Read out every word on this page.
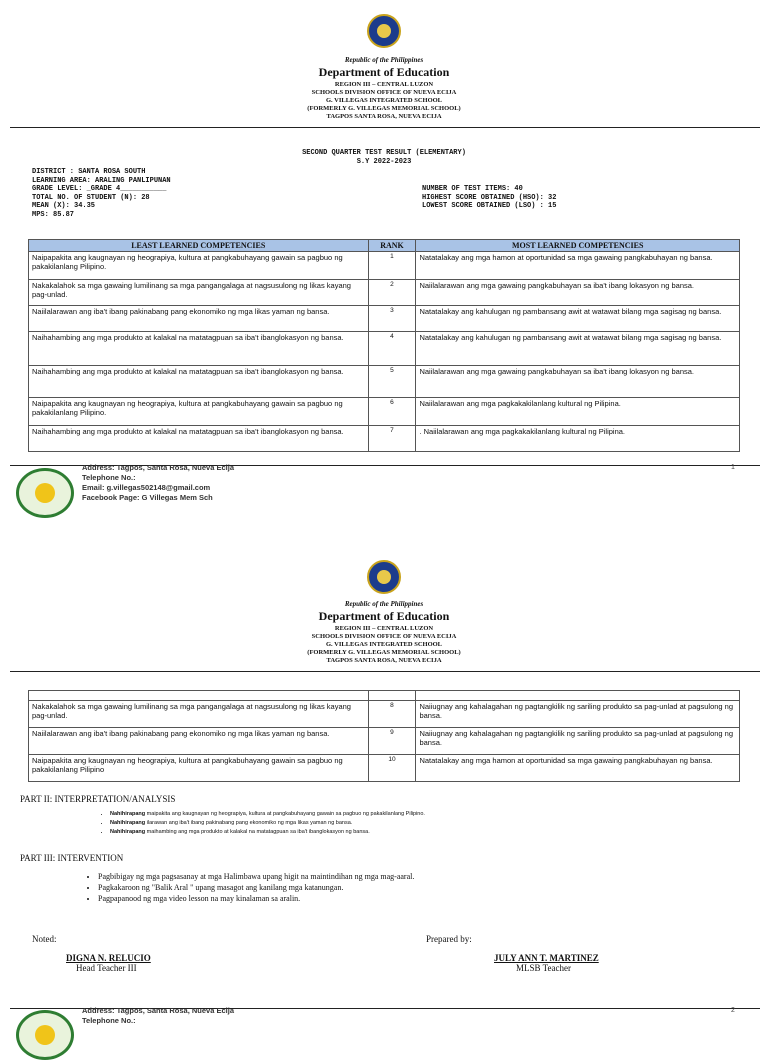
Republic of the Philippines
Department of Education
REGION III – CENTRAL LUZON
SCHOOLS DIVISION OFFICE OF NUEVA ECIJA
G. VILLEGAS INTEGRATED SCHOOL
(FORMERLY G. VILLEGAS MEMORIAL SCHOOL)
TAGPOS SANTA ROSA, NUEVA ECIJA
SECOND QUARTER TEST RESULT (ELEMENTARY)
S.Y 2022-2023
DISTRICT : SANTA ROSA SOUTH
LEARNING AREA: ARALING PANLIPUNAN
GRADE LEVEL: _GRADE 4___________
TOTAL NO. OF STUDENT (N): 28
MEAN (X): 34.35
MPS: 85.87
NUMBER OF TEST ITEMS: 40
HIGHEST SCORE OBTAINED (HSO): 32
LOWEST SCORE OBTAINED (LSO) : 15
LEAST LEARNED COMPETENCIES	RANK	MOST LEARNED COMPETENCIES
Naipapakita ang kaugnayan ng heograpiya, kultura at pangkabuhayang gawain sa pagbuo ng pakakilanlang Pilipino.	1	Natatalakay ang mga hamon at oportunidad sa mga gawaing pangkabuhayan ng bansa.
Nakakalahok sa mga gawaing lumilinang sa mga pangangalaga at nagsusulong ng likas kayang pag-unlad.	2	Naiilalarawan ang mga gawaing pangkabuhayan sa iba't ibang lokasyon ng bansa.
Naiilalarawan ang iba't ibang pakinabang pang ekonomiko ng mga likas yaman ng bansa.	3	Natatalakay ang kahulugan ng pambansang awit at watawat bilang mga sagisag ng bansa.
Naihahambing ang mga produkto at kalakal na matatagpuan sa iba't ibanglokasyon ng bansa.	4	Natatalakay ang kahulugan ng pambansang awit at watawat bilang mga sagisag ng bansa.
Naihahambing ang mga produkto at kalakal na matatagpuan sa iba't ibanglokasyon ng bansa.	5	Naiilalarawan ang mga gawaing pangkabuhayan sa iba't ibang lokasyon ng bansa.
Naipapakita ang kaugnayan ng heograpiya, kultura at pangkabuhayang gawain sa pagbuo ng pakakilanlang Pilipino.	6	Naiilalarawan ang mga pagkakakilanlang kultural ng Pilipina.
Naihahambing ang mga produkto at kalakal na matatagpuan sa iba't ibanglokasyon ng bansa.	7	. Naiilalarawan ang mga pagkakakilanlang kultural ng Pilipina.
Address: Tagpos, Santa Rosa, Nueva Ecija
Telephone No.:
Email: g.villegas502148@gmail.com
Facebook Page: G Villegas Mem Sch
1
Republic of the Philippines
Department of Education
REGION III – CENTRAL LUZON
SCHOOLS DIVISION OFFICE OF NUEVA ECIJA
G. VILLEGAS INTEGRATED SCHOOL
(FORMERLY G. VILLEGAS MEMORIAL SCHOOL)
TAGPOS SANTA ROSA, NUEVA ECIJA

Nakakalahok sa mga gawaing lumilinang sa mga pangangalaga at nagsusulong ng likas kayang pag-unlad.	8	Naiiugnay ang kahalagahan ng pagtangkilik ng sariling produkto sa pag-unlad at pagsulong ng bansa.
Naiilalarawan ang iba't ibang pakinabang pang ekonomiko ng mga likas yaman ng bansa.	9	Naiiugnay ang kahalagahan ng pagtangkilik ng sariling produkto sa pag-unlad at pagsulong ng bansa.
Naipapakita ang kaugnayan ng heograpiya, kultura at pangkabuhayang gawain sa pagbuo ng pakakilanlang Pilipino	10	Natatalakay ang mga hamon at oportunidad sa mga gawaing pangkabuhayan ng bansa.
PART II: INTERPRETATION/ANALYSIS
• Nahihirapang maipakita ang kaugnayan ng heograpiya, kultura at pangkabuhayang gawain sa pagbuo ng pakakilanlang Pilipino.
• Nahihirapang ilarawan ang iba't ibang pakinabang pang ekonomiko ng mga likas yaman ng bansa.
• Nahihirapang maihambing ang mga produkto at kalakal na matatagpuan sa iba't ibanglokasyon ng bansa.
PART III: INTERVENTION
• Pagbibigay ng mga pagsasanay at mga Halimbawa upang higit na maintindihan ng mga mag-aaral.
• Pagkakaroon ng "Balik Aral " upang masagot ang kanilang mga katanungan.
• Pagpapanood ng mga video lesson na may kinalaman sa aralin.
Noted:	Prepared by:
DIGNA N. RELUCIO
Head Teacher III
JULY ANN T. MARTINEZ
MLSB Teacher
Address: Tagpos, Santa Rosa, Nueva Ecija
Telephone No.:
2
